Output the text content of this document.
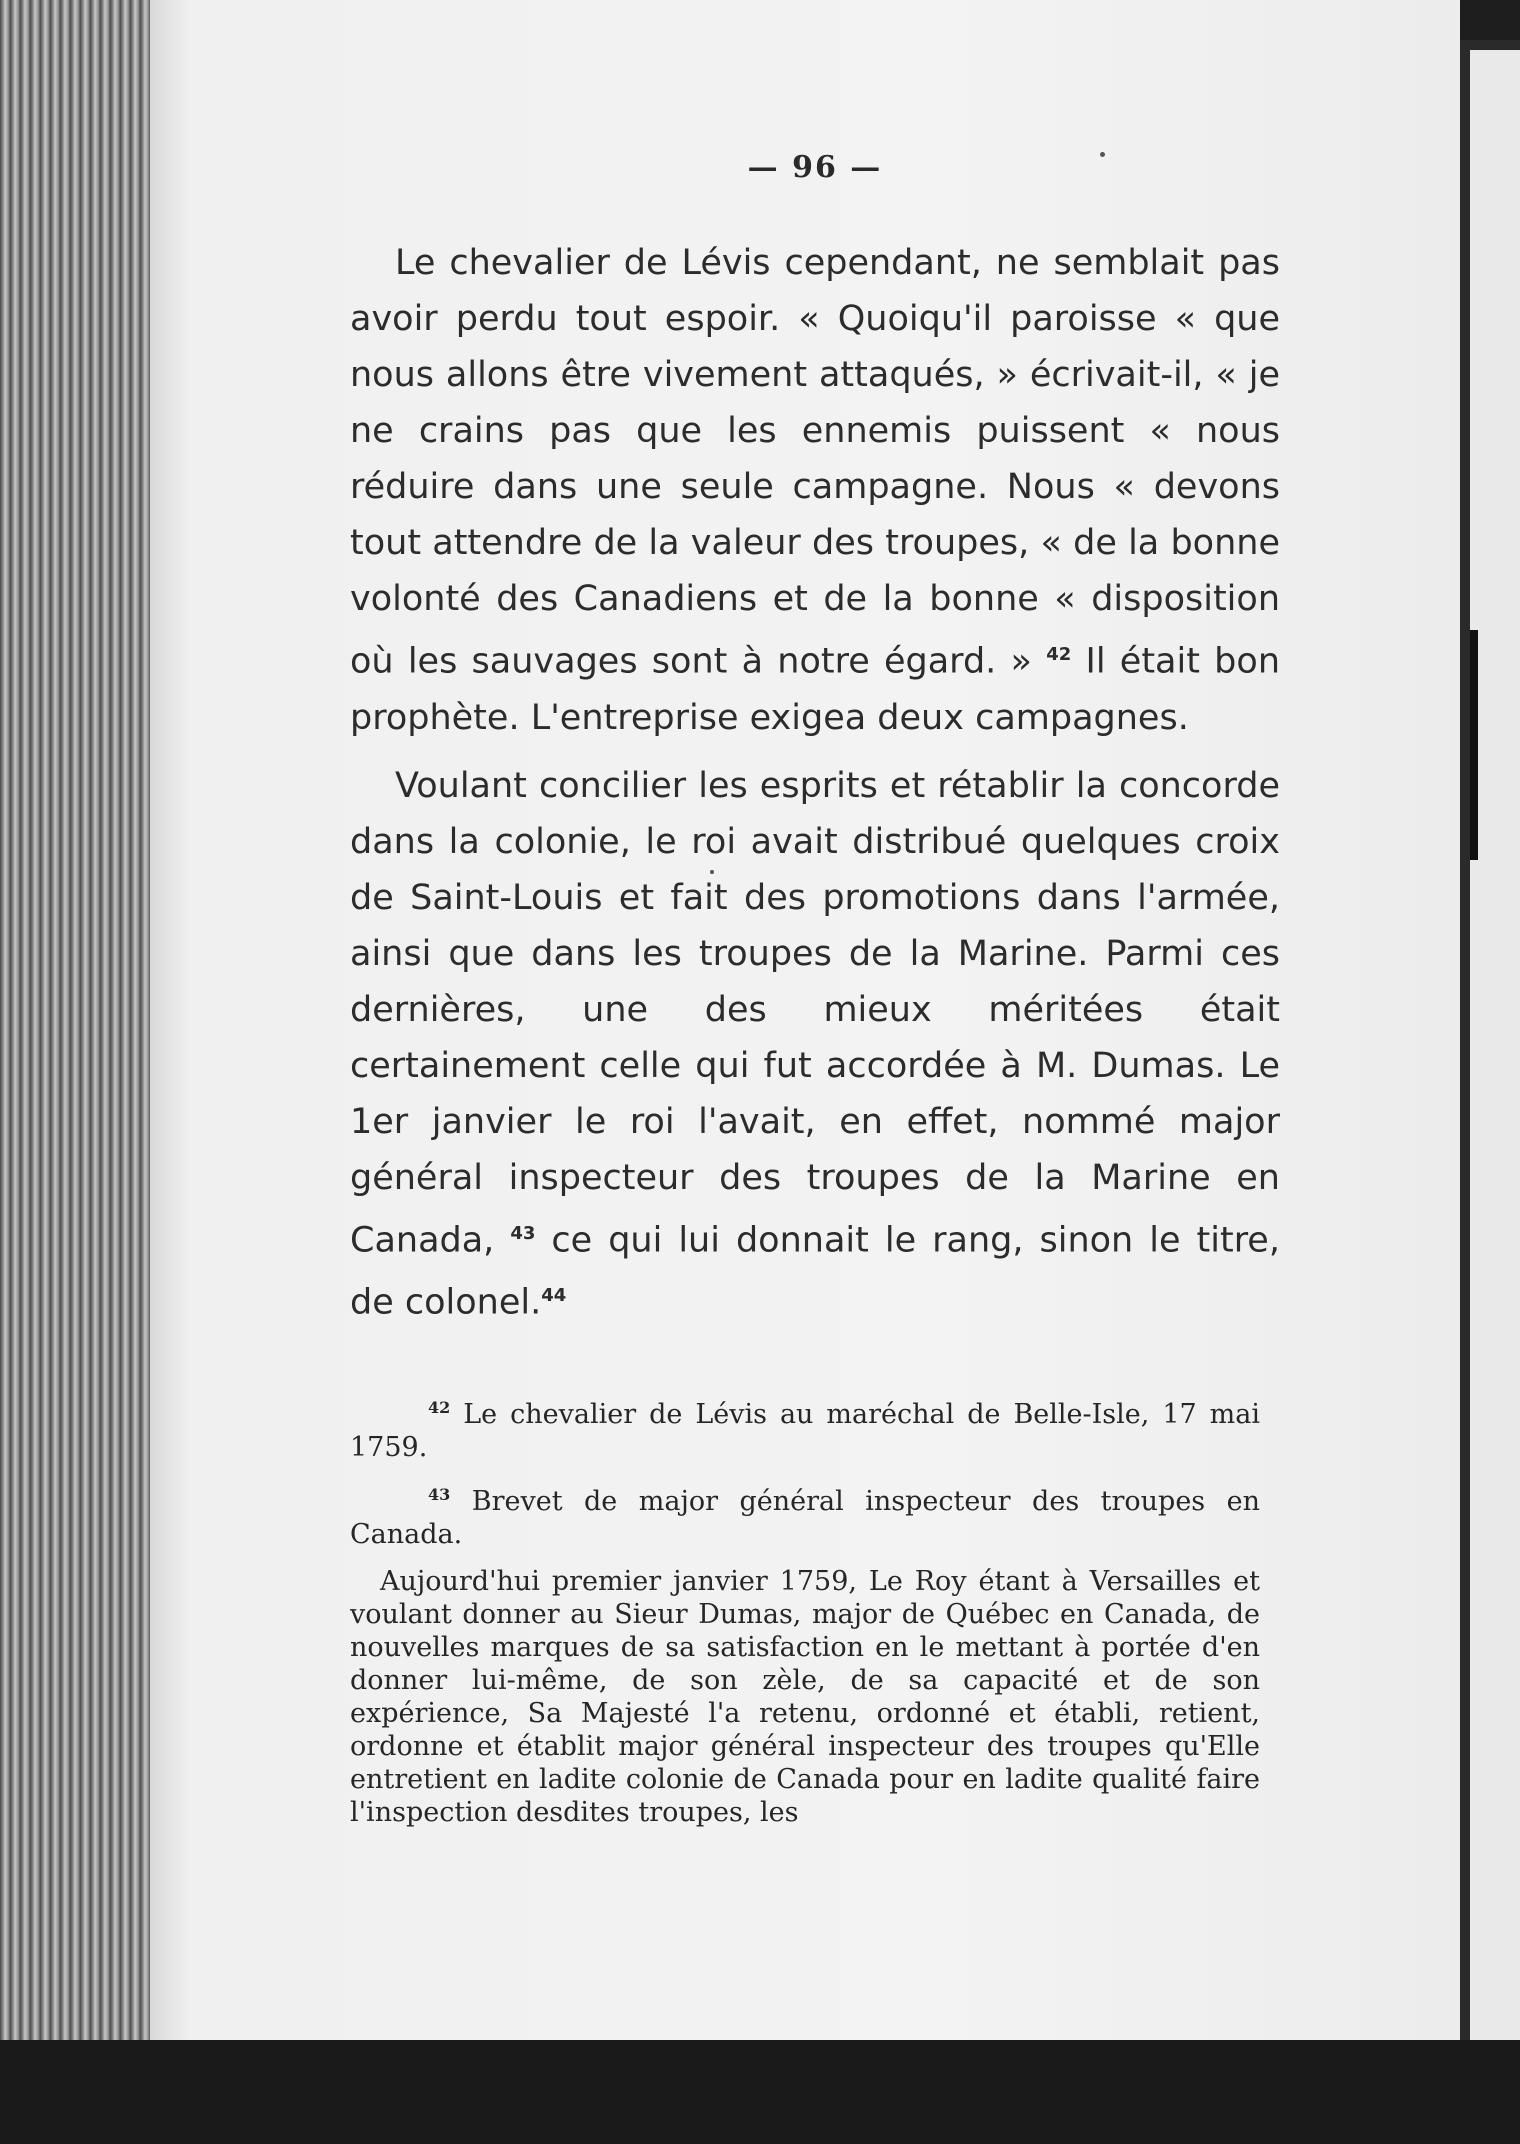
— 96 —

Le chevalier de Lévis cependant, ne semblait pas avoir perdu tout espoir. « Quoiqu'il paroisse « que nous allons être vivement attaqués, » écrivait-il, « je ne crains pas que les ennemis puissent « nous réduire dans une seule campagne. Nous « devons tout attendre de la valeur des troupes, « de la bonne volonté des Canadiens et de la bonne « disposition où les sauvages sont à notre égard. » $^{42}$ Il était bon prophète. L'entreprise exigea deux campagnes.

Voulant concilier les esprits et rétablir la concorde dans la colonie, le roi avait distribué quelques croix de Saint-Louis et fait des promotions dans l'armée, ainsi que dans les troupes de la Marine. Parmi ces dernières, une des mieux méritées était certainement celle qui fut accordée à M. Dumas. Le 1er janvier le roi l'avait, en effet, nommé major général inspecteur des troupes de la Marine en Canada, $^{43}$ ce qui lui donnait le rang, sinon le titre, de colonel.$^{44}$

$^{42}$ Le chevalier de Lévis au maréchal de Belle-Isle, 17 mai 1759.

$^{43}$ Brevet de major général inspecteur des troupes en Canada.

Aujourd'hui premier janvier 1759, Le Roy étant à Versailles et voulant donner au Sieur Dumas, major de Québec en Canada, de nouvelles marques de sa satisfaction en le mettant à portée d'en donner lui-même, de son zèle, de sa capacité et de son expérience, Sa Majesté l'a retenu, ordonné et établi, retient, ordonne et établit major général inspecteur des troupes qu'Elle entretient en ladite colonie de Canada pour en ladite qualité faire l'inspection desdites troupes, les
